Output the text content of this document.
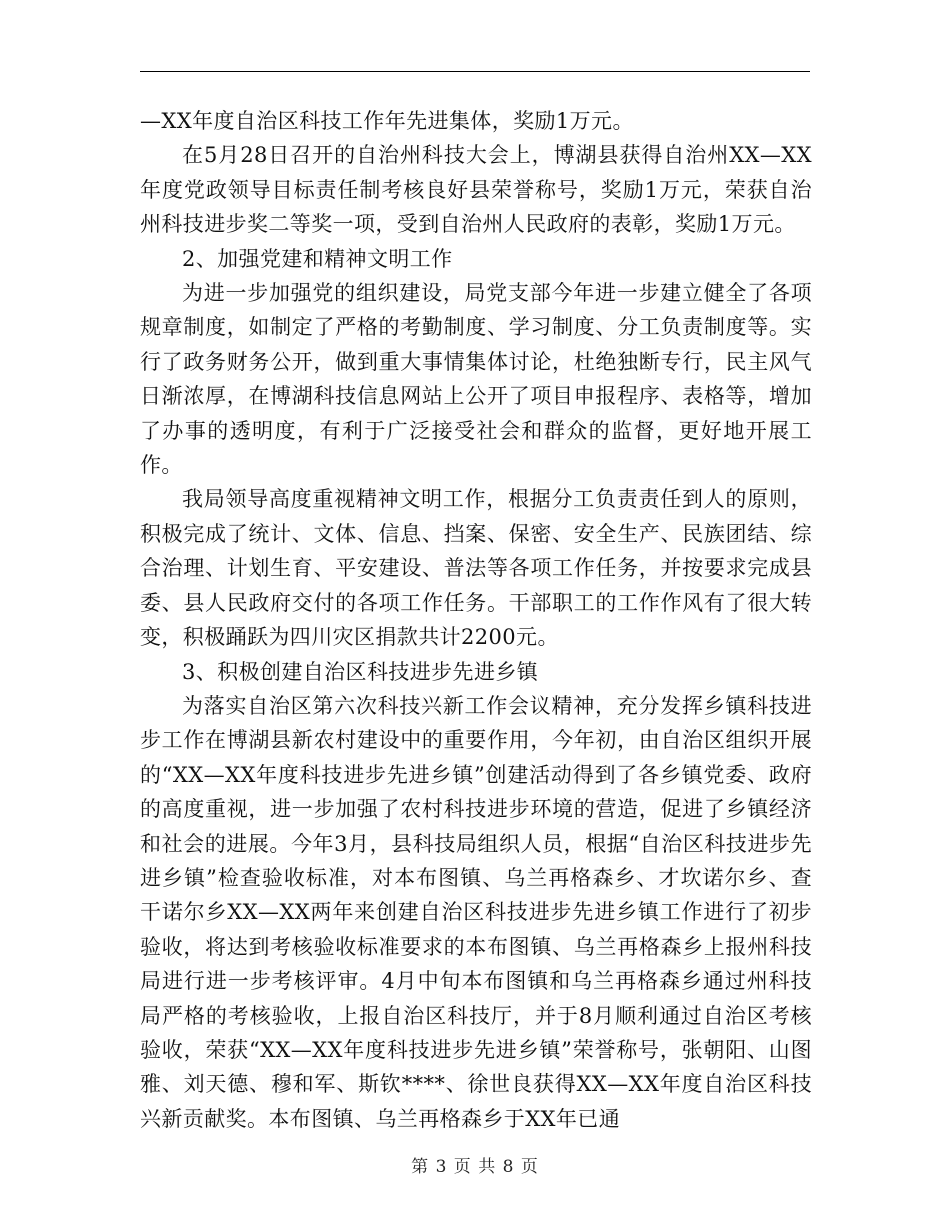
—XX年度自治区科技工作年先进集体，奖励1万元。

在5月28日召开的自治州科技大会上，博湖县获得自治州XX—XX年度党政领导目标责任制考核良好县荣誉称号，奖励1万元，荣获自治州科技进步奖二等奖一项，受到自治州人民政府的表彰，奖励1万元。

2、加强党建和精神文明工作

为进一步加强党的组织建设，局党支部今年进一步建立健全了各项规章制度，如制定了严格的考勤制度、学习制度、分工负责制度等。实行了政务财务公开，做到重大事情集体讨论，杜绝独断专行，民主风气日渐浓厚，在博湖科技信息网站上公开了项目申报程序、表格等，增加了办事的透明度，有利于广泛接受社会和群众的监督，更好地开展工作。

我局领导高度重视精神文明工作，根据分工负责责任到人的原则，积极完成了统计、文体、信息、挡案、保密、安全生产、民族团结、综合治理、计划生育、平安建设、普法等各项工作任务，并按要求完成县委、县人民政府交付的各项工作任务。干部职工的工作作风有了很大转变，积极踊跃为四川灾区捐款共计2200元。

3、积极创建自治区科技进步先进乡镇

为落实自治区第六次科技兴新工作会议精神，充分发挥乡镇科技进步工作在博湖县新农村建设中的重要作用，今年初，由自治区组织开展的“XX—XX年度科技进步先进乡镇”创建活动得到了各乡镇党委、政府的高度重视，进一步加强了农村科技进步环境的营造，促进了乡镇经济和社会的进展。今年3月，县科技局组织人员，根据“自治区科技进步先进乡镇”检查验收标准，对本布图镇、乌兰再格森乡、才坎诺尔乡、查干诺尔乡XX—XX两年来创建自治区科技进步先进乡镇工作进行了初步验收，将达到考核验收标准要求的本布图镇、乌兰再格森乡上报州科技局进行进一步考核评审。4月中旬本布图镇和乌兰再格森乡通过州科技局严格的考核验收，上报自治区科技厅，并于8月顺利通过自治区考核验收，荣获“XX—XX年度科技进步先进乡镇”荣誉称号，张朝阳、山图雅、刘天德、穆和军、斯钦****、徐世良获得XX—XX年度自治区科技兴新贡献奖。本布图镇、乌兰再格森乡于XX年已通

第 3 页 共 8 页
